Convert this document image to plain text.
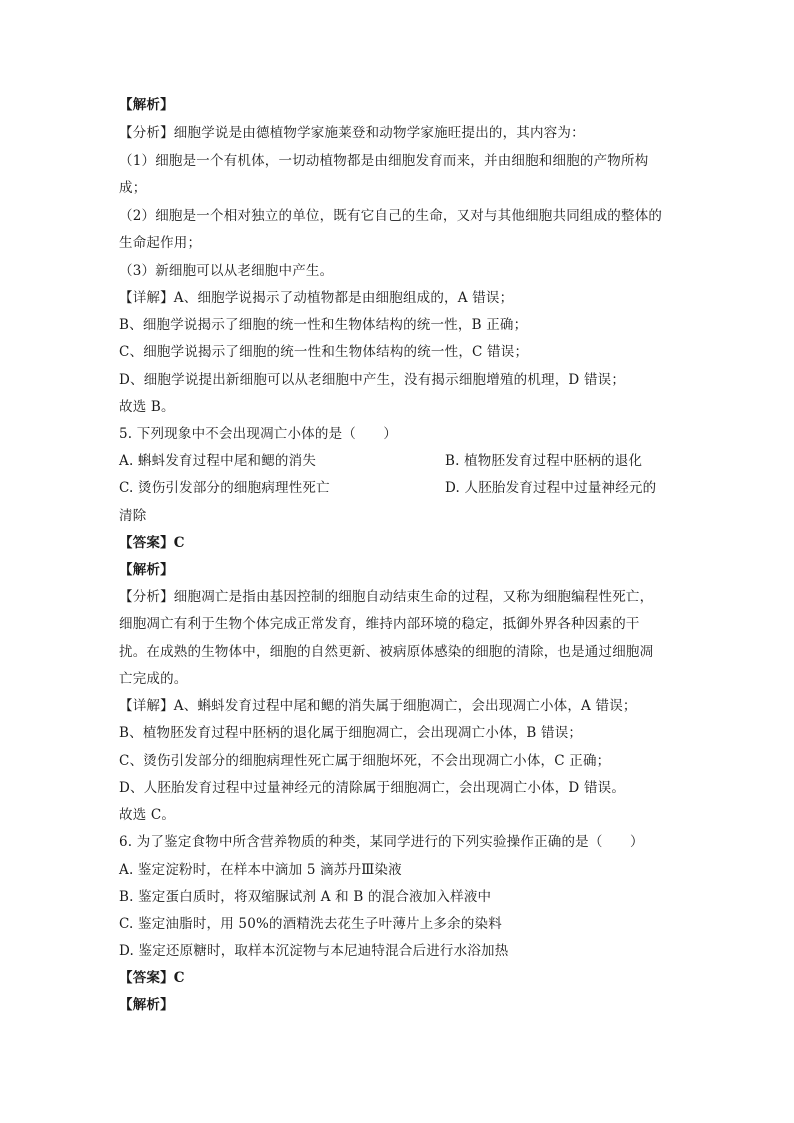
【解析】
【分析】细胞学说是由德植物学家施莱登和动物学家施旺提出的，其内容为：
（1）细胞是一个有机体，一切动植物都是由细胞发育而来，并由细胞和细胞的产物所构
成；
（2）细胞是一个相对独立的单位，既有它自己的生命，又对与其他细胞共同组成的整体的
生命起作用；
（3）新细胞可以从老细胞中产生。
【详解】A、细胞学说揭示了动植物都是由细胞组成的，A 错误；
B、细胞学说揭示了细胞的统一性和生物体结构的统一性，B 正确；
C、细胞学说揭示了细胞的统一性和生物体结构的统一性，C 错误；
D、细胞学说提出新细胞可以从老细胞中产生，没有揭示细胞增殖的机理，D 错误；
故选 B。
5. 下列现象中不会出现凋亡小体的是（　　）
A. 蝌蚪发育过程中尾和鳃的消失	B. 植物胚发育过程中胚柄的退化
C. 烫伤引发部分的细胞病理性死亡	D. 人胚胎发育过程中过量神经元的
清除
【答案】C
【解析】
【分析】细胞凋亡是指由基因控制的细胞自动结束生命的过程，又称为细胞编程性死亡，
细胞凋亡有利于生物个体完成正常发育，维持内部环境的稳定，抵御外界各种因素的干
扰。在成熟的生物体中，细胞的自然更新、被病原体感染的细胞的清除，也是通过细胞凋
亡完成的。
【详解】A、蝌蚪发育过程中尾和鳃的消失属于细胞凋亡，会出现凋亡小体，A 错误；
B、植物胚发育过程中胚柄的退化属于细胞凋亡，会出现凋亡小体，B 错误；
C、烫伤引发部分的细胞病理性死亡属于细胞坏死，不会出现凋亡小体，C 正确；
D、人胚胎发育过程中过量神经元的清除属于细胞凋亡，会出现凋亡小体，D 错误。
故选 C。
6. 为了鉴定食物中所含营养物质的种类，某同学进行的下列实验操作正确的是（　　）
A. 鉴定淀粉时，在样本中滴加 5 滴苏丹Ⅲ染液
B. 鉴定蛋白质时，将双缩脲试剂 A 和 B 的混合液加入样液中
C. 鉴定油脂时，用 50%的酒精洗去花生子叶薄片上多余的染料
D. 鉴定还原糖时，取样本沉淀物与本尼迪特混合后进行水浴加热
【答案】C
【解析】
